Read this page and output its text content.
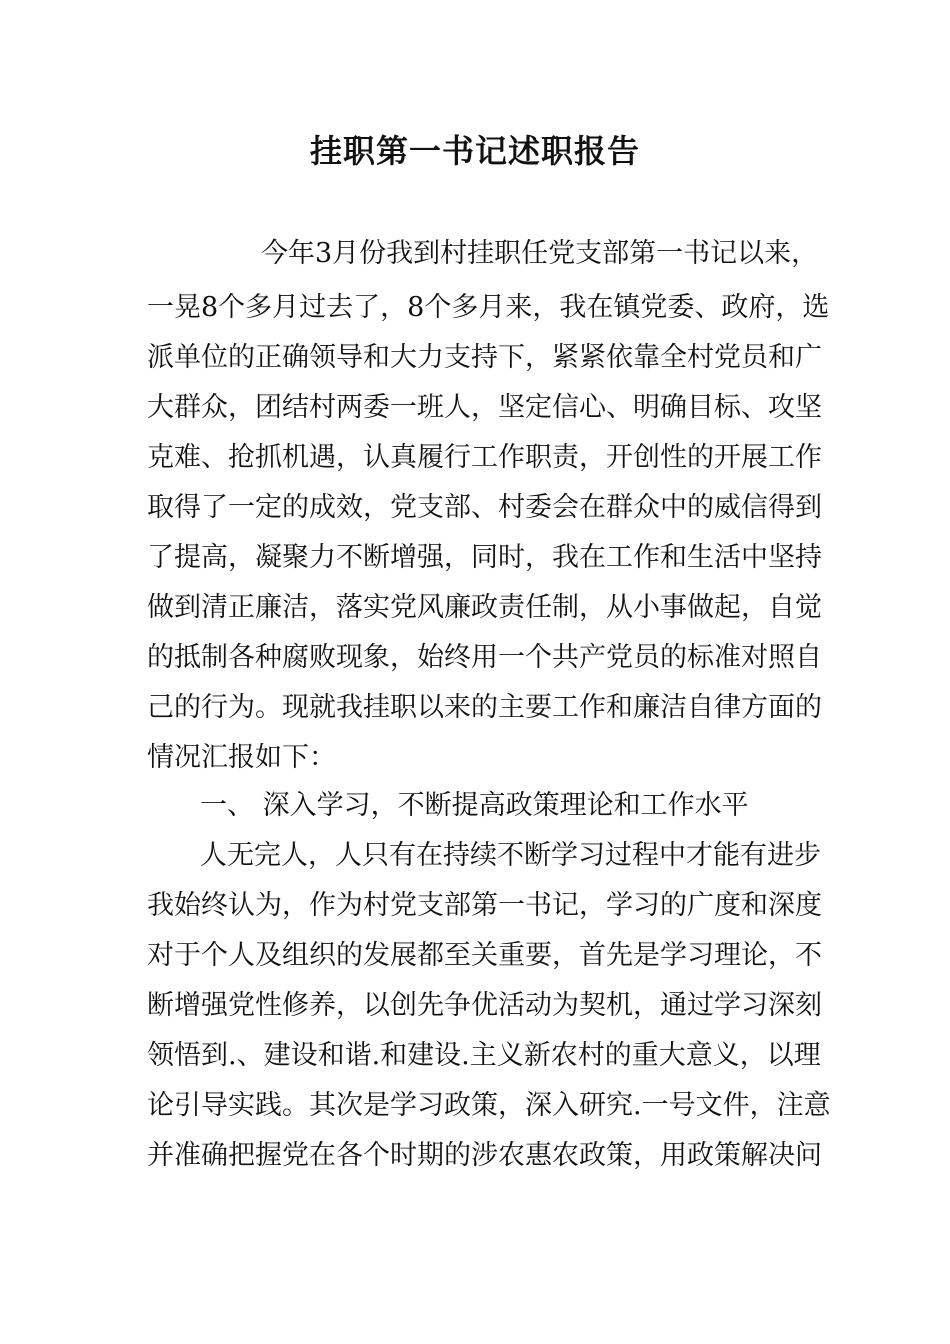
挂职第一书记述职报告

今年3月份我到村挂职任党支部第一书记以来，

一晃8个多月过去了，8个多月来，我在镇党委、政府，选

派单位的正确领导和大力支持下，紧紧依靠全村党员和广

大群众，团结村两委一班人，坚定信心、明确目标、攻坚

克难、抢抓机遇，认真履行工作职责，开创性的开展工作

取得了一定的成效，党支部、村委会在群众中的威信得到

了提高，凝聚力不断增强，同时，我在工作和生活中坚持

做到清正廉洁，落实党风廉政责任制，从小事做起，自觉

的抵制各种腐败现象，始终用一个共产党员的标准对照自

己的行为。现就我挂职以来的主要工作和廉洁自律方面的

情况汇报如下：

一、 深入学习，不断提高政策理论和工作水平

人无完人，人只有在持续不断学习过程中才能有进步

我始终认为，作为村党支部第一书记，学习的广度和深度

对于个人及组织的发展都至关重要，首先是学习理论，不

断增强党性修养，以创先争优活动为契机，通过学习深刻

领悟到.、建设和谐.和建设.主义新农村的重大意义，以理

论引导实践。其次是学习政策，深入研究.一号文件，注意

并准确把握党在各个时期的涉农惠农政策，用政策解决问
